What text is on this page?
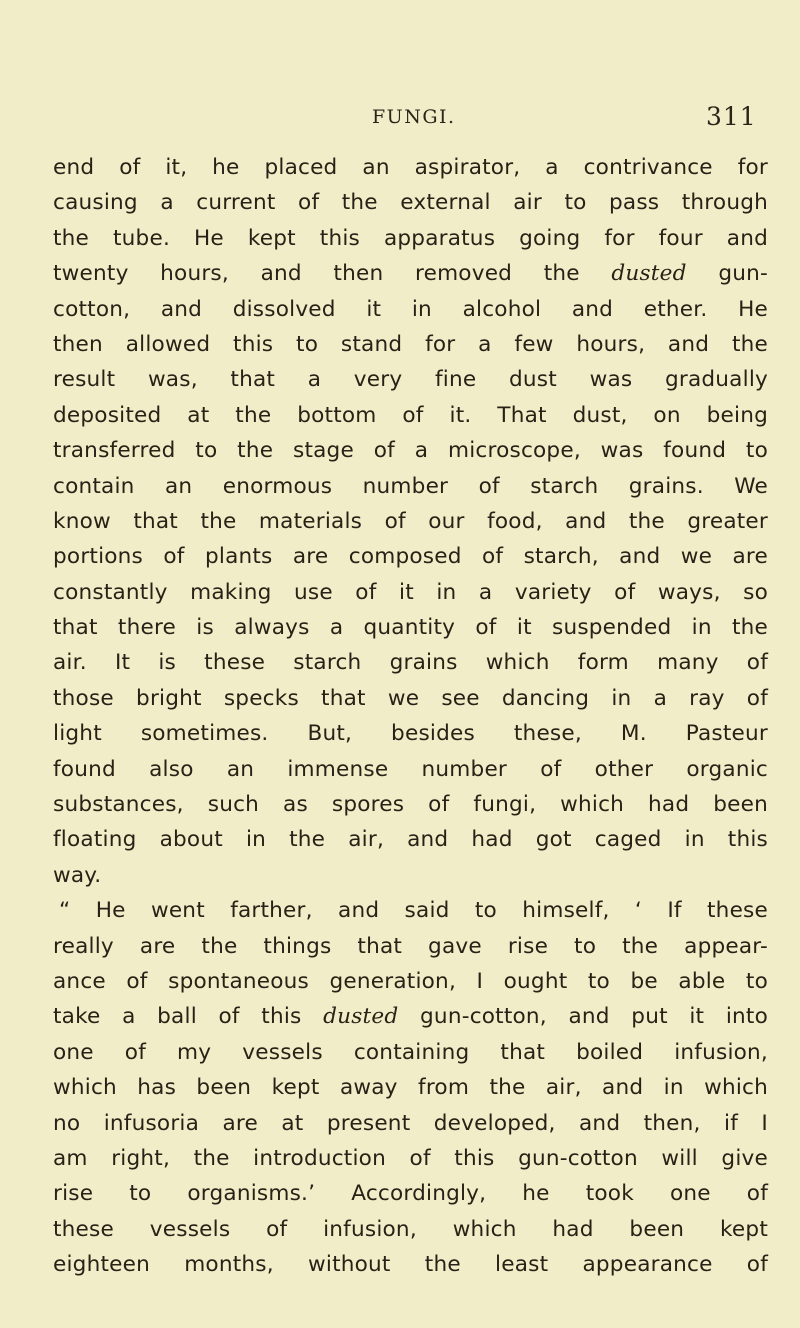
FUNGI.	311
end of it, he placed an aspirator, a contrivance for
causing a current of the external air to pass through
the tube. He kept this apparatus going for four and
twenty hours, and then removed the dusted gun-
cotton, and dissolved it in alcohol and ether. He
then allowed this to stand for a few hours, and the
result was, that a very fine dust was gradually
deposited at the bottom of it. That dust, on being
transferred to the stage of a microscope, was found to
contain an enormous number of starch grains. We
know that the materials of our food, and the greater
portions of plants are composed of starch, and we are
constantly making use of it in a variety of ways, so
that there is always a quantity of it suspended in the
air. It is these starch grains which form many of
those bright specks that we see dancing in a ray of
light sometimes. But, besides these, M. Pasteur
found also an immense number of other organic
substances, such as spores of fungi, which had been
floating about in the air, and had got caged in this
way.
“ He went farther, and said to himself, ‘ If these
really are the things that gave rise to the appear-
ance of spontaneous generation, I ought to be able to
take a ball of this dusted gun-cotton, and put it into
one of my vessels containing that boiled infusion,
which has been kept away from the air, and in which
no infusoria are at present developed, and then, if I
am right, the introduction of this gun-cotton will give
rise to organisms.’ Accordingly, he took one of
these vessels of infusion, which had been kept
eighteen months, without the least appearance of
